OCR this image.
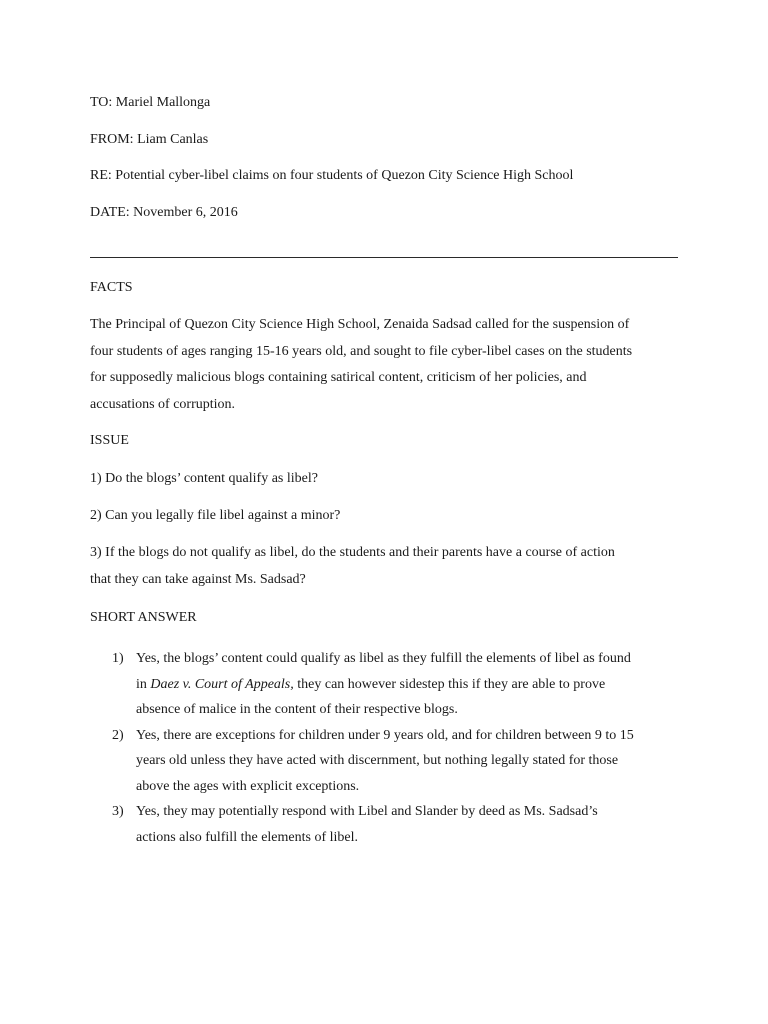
TO: Mariel Mallonga
FROM: Liam Canlas
RE: Potential cyber-libel claims on four students of Quezon City Science High School
DATE: November 6, 2016
FACTS
The Principal of Quezon City Science High School, Zenaida Sadsad called for the suspension of
four students of ages ranging 15-16 years old, and sought to file cyber-libel cases on the students
for supposedly malicious blogs containing satirical content, criticism of her policies, and
accusations of corruption.
ISSUE
1) Do the blogs’ content qualify as libel?
2) Can you legally file libel against a minor?
3) If the blogs do not qualify as libel, do the students and their parents have a course of action
that they can take against Ms. Sadsad?
SHORT ANSWER
1) Yes, the blogs’ content could qualify as libel as they fulfill the elements of libel as found
in Daez v. Court of Appeals, they can however sidestep this if they are able to prove
absence of malice in the content of their respective blogs.
2) Yes, there are exceptions for children under 9 years old, and for children between 9 to 15
years old unless they have acted with discernment, but nothing legally stated for those
above the ages with explicit exceptions.
3) Yes, they may potentially respond with Libel and Slander by deed as Ms. Sadsad’s
actions also fulfill the elements of libel.
